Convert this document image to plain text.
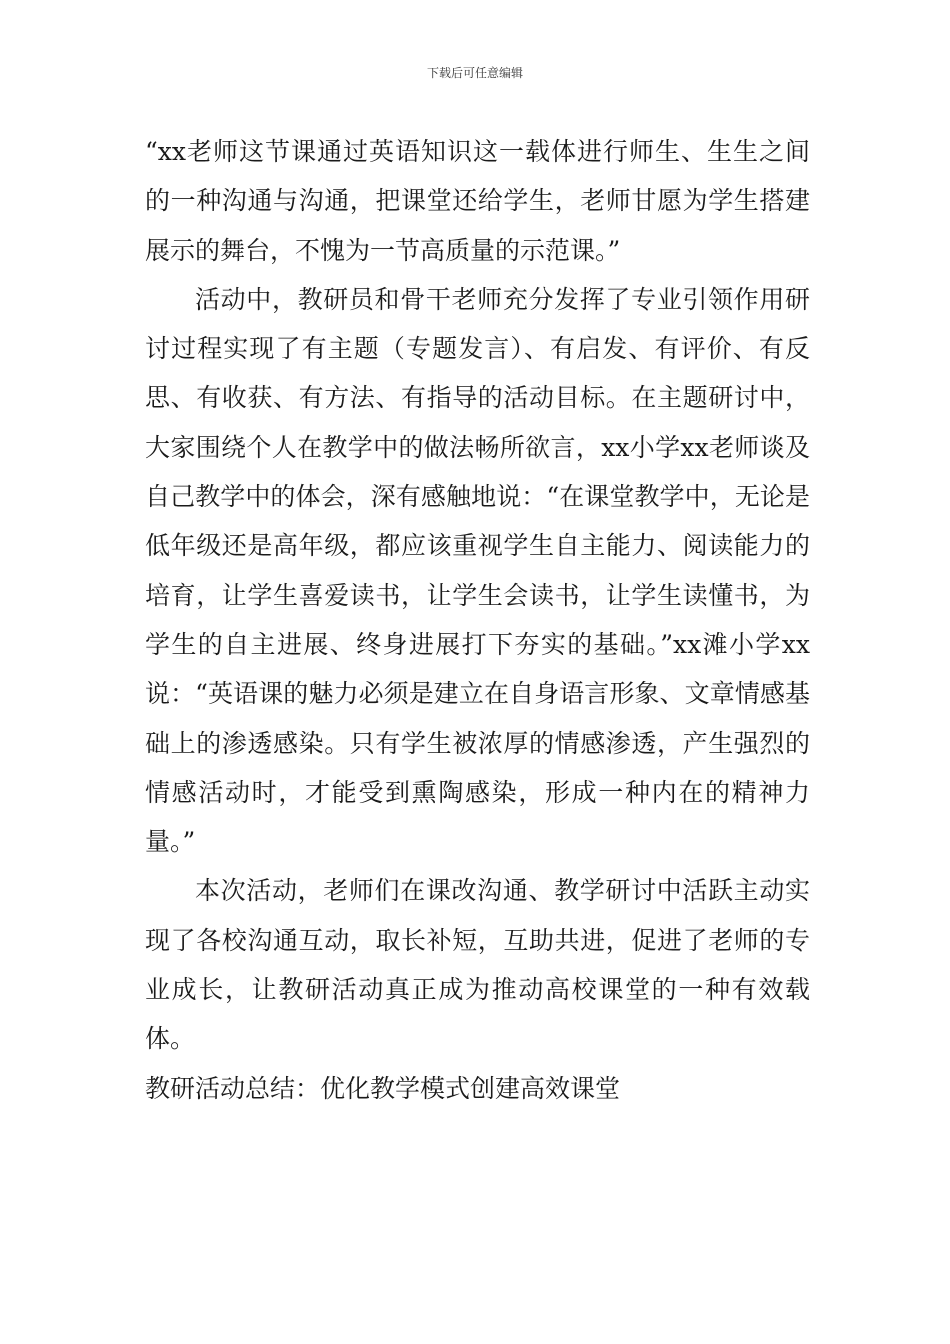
下载后可任意编辑

“xx老师这节课通过英语知识这一载体进行师生、生生之间的一种沟通与沟通，把课堂还给学生，老师甘愿为学生搭建展示的舞台，不愧为一节高质量的示范课。”

活动中，教研员和骨干老师充分发挥了专业引领作用研讨过程实现了有主题（专题发言）、有启发、有评价、有反思、有收获、有方法、有指导的活动目标。在主题研讨中，大家围绕个人在教学中的做法畅所欲言，xx小学xx老师谈及自己教学中的体会，深有感触地说：“在课堂教学中，无论是低年级还是高年级，都应该重视学生自主能力、阅读能力的培育，让学生喜爱读书，让学生会读书，让学生读懂书，为学生的自主进展、终身进展打下夯实的基础。”xx滩小学xx说：“英语课的魅力必须是建立在自身语言形象、文章情感基础上的渗透感染。只有学生被浓厚的情感渗透，产生强烈的情感活动时，才能受到熏陶感染，形成一种内在的精神力量。”

本次活动，老师们在课改沟通、教学研讨中活跃主动实现了各校沟通互动，取长补短，互助共进，促进了老师的专业成长，让教研活动真正成为推动高校课堂的一种有效载体。

教研活动总结：优化教学模式创建高效课堂
